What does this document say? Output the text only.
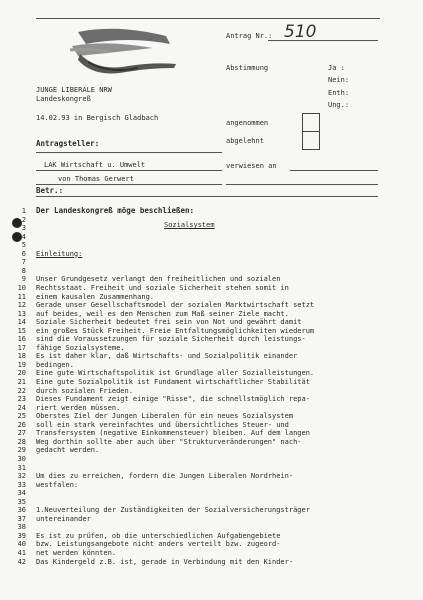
Antrag Nr.: 510
Abstimmung	Ja :
Nein:
Enth:
Ung.:
JUNGE LIBERALE NRW
Landeskongreß
14.02.93 in Bergisch Gladbach
angenommen
abgelehnt
Antragsteller:
LAK Wirtschaft u. Umwelt
von Thomas Gerwert
verwiesen an
Betr.:
Der Landeskongreß möge beschließen:
Sozialsystem
1
2
3
4
5
6 Einleitung:
7
8
9 Unser Grundgesetz verlangt den freiheitlichen und sozialen
10 Rechtsstaat. Freiheit und soziale Sicherheit stehen somit in
11 einem kausalen Zusammenhang.
12 Gerade unser Gesellschaftsmodel der sozialen Marktwirtschaft setzt
13 auf beides, weil es den Menschen zum Maß seiner Ziele macht.
14 Soziale Sicherheit bedeutet frei sein von Not und gewährt damit
15 ein großes Stück Freiheit. Freie Entfaltungsmöglichkeiten wiederum
16 sind die Voraussetzungen für soziale Sicherheit durch leistungs-
17 fähige Sozialsysteme.
18 Es ist daher klar, daß Wirtschafts- und Sozialpolitik einander
19 bedingen.
20 Eine gute Wirtschaftspolitik ist Grundlage aller Sozialleistungen.
21 Eine gute Sozialpolitik ist Fundament wirtschaftlicher Stabilität
22 durch sozialen Frieden.
23 Dieses Fundament zeigt einige "Risse", die schnellstmöglich repa-
24 riert werden müssen.
25 Oberstes Ziel der Jungen Liberalen für ein neues Sozialsystem
26 soll ein stark vereinfachtes und übersichtliches Steuer- und
27 Transfersystem (negative Einkommensteuer) bleiben. Auf dem langen
28 Weg dorthin sollte aber auch über "Strukturveränderungen" nach-
29 gedacht werden.
30
31
32 Um dies zu erreichen, fordern die Jungen Liberalen Nordrhein-
33 westfalen:
34
35
36 1.Neuverteilung der Zuständigkeiten der Sozialversicherungsträger
37 untereinander
38
39 Es ist zu prüfen, ob die unterschiedlichen Aufgabengebiete
40 bzw. Leistungsangebote nicht anders verteilt bzw. zugeord-
41 net werden könnten.
42 Das Kindergeld z.B. ist, gerade in Verbindung mit den Kinder-
